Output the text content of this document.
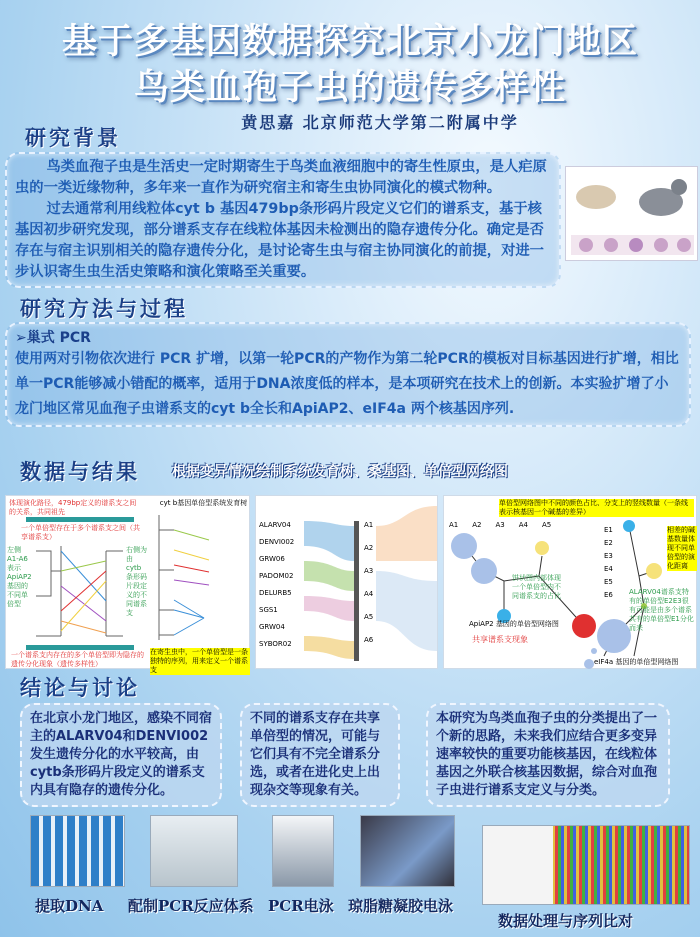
基于多基因数据探究北京小龙门地区
鸟类血孢子虫的遗传多样性
黄思嘉 北京师范大学第二附属中学
研究背景

鸟类血孢子虫是生活史一定时期寄生于鸟类血液细胞中的寄生性原虫，是人疟原虫的一类近缘物种，多年来一直作为研究宿主和寄生虫协同演化的模式物种。

过去通常利用线粒体cyt b 基因479bp条形码片段定义它们的谱系支，基于核基因初步研究发现，部分谱系支存在线粒体基因未检测出的隐存遗传分化。确定是否存在与宿主识别相关的隐存遗传分化，是讨论寄生虫与宿主协同演化的前提，对进一步认识寄生虫生活史策略和演化策略至关重要。

研究方法与过程
➢巢式 PCR

使用两对引物依次进行 PCR 扩增，以第一轮PCR的产物作为第二轮PCR的模板对目标基因进行扩增，相比单一PCR能够减小错配的概率，适用于DNA浓度低的样本，是本项研究在技术上的创新。本实验扩增了小龙门地区常见血孢子虫谱系支的cyt b全长和ApiAP2、eIF4a 两个核基因序列.

数据与结果 根据变异情况绘制系统发育树、桑基图、单倍型网络图
体现演化路径，479bp定义的谱系支之间的关系，共同祖先
一个单倍型存在于多个谱系支之间（共享谱系支）
左侧A1-A6表示ApiAP2基因的不同单倍型
右侧为由cytb条形码片段定义的不同谱系支
一个谱系支内存在的多个单倍型即为隐存的遗传分化现象（遗传多样性）
cyt b基因单倍型系统发育树
在寄生虫中，一个单倍型是一条独特的序列，用来定义一个谱系支
ALARV04
DENVI002
GRW06
PADOM02
DELURB5
SGS1
GRW04
SYBOR02
A1
A2
A3
A4
A5
A6
单倍型网络图中不同的颜色占比、分支上的竖线数量（一条线表示核基因一个碱基的差异）
相差的碱基数量体现不同单倍型的演化距离
A1 A2 A3 A4 A5
E1
E2
E3
E4
E5
E6
饼状图内部体现一个单倍型内不同谱系支的占比
ApiAP2 基因的单倍型网络图
共享谱系支现象
ALARV04谱系支特有的单倍型E2E3很有可能是由多个谱系共有的单倍型E1分化而来
eIF4a 基因的单倍型网络图
结论与讨论
在北京小龙门地区，感染不同宿主的ALARV04和DENVI002发生遗传分化的水平较高，由cytb条形码片段定义的谱系支内具有隐存的遗传分化。
不同的谱系支存在共享单倍型的情况，可能与它们具有不完全谱系分选，或者在进化史上出现杂交等现象有关。
本研究为鸟类血孢子虫的分类提出了一个新的思路，未来我们应结合更多变异速率较快的重要功能核基因，在线粒体基因之外联合核基因数据，综合对血孢子虫进行谱系支定义与分类。
提取DNA 配制PCR反应体系 PCR电泳 琼脂糖凝胶电泳
数据处理与序列比对
